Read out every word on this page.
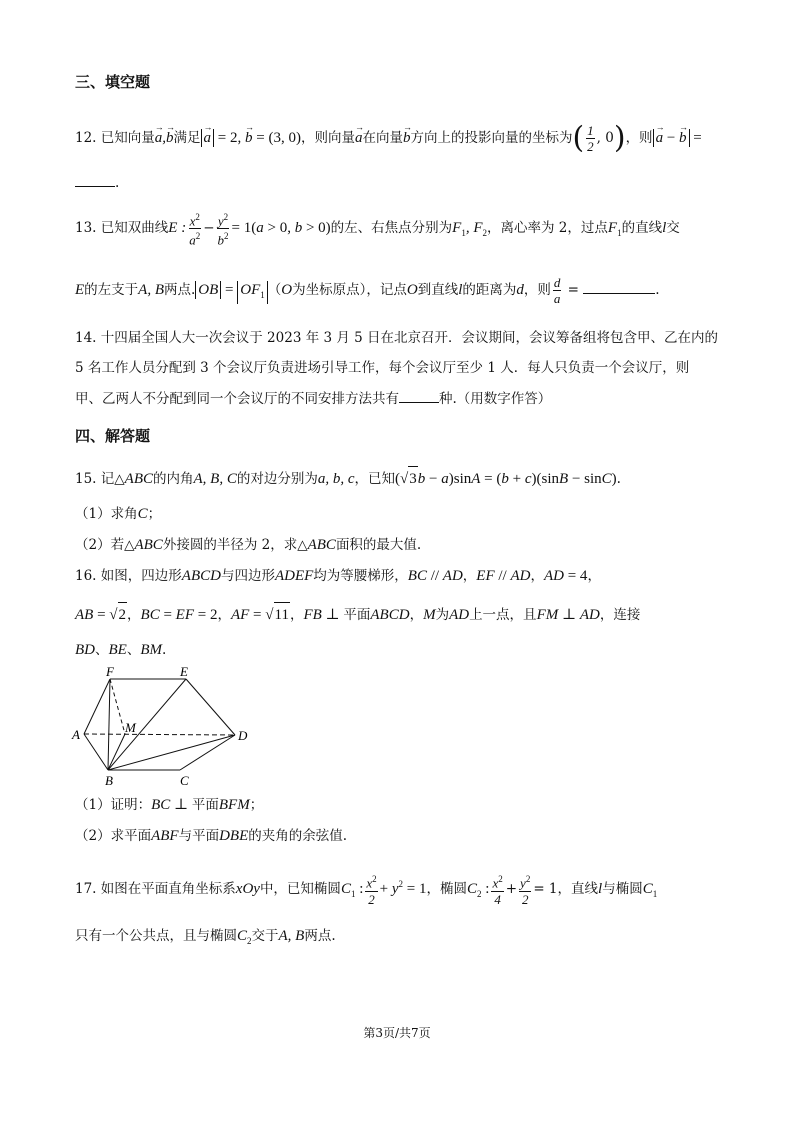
三、填空题
12. 已知向量a →,b →满足 a → = 2, b → = (3, 0)，则向量a →在向量b →方向上的投影向量的坐标为( $\frac{1}{2}$ , 0)，则 a → − b → =
.
13. 已知双曲线E : $\frac{x^2}{a^2} - \frac{y^2}{b^2} = 1(a > 0$, b > 0)的左、右焦点分别为$F_1$, $F_2$，离心率为 2，过点$F_1$的直线l交
E的左支于A, B两点. OB = $OF_1$ （O为坐标原点），记点O到直线l的距离为d，则 $\frac{d}{a}$ =	.
14. 十四届全国人大一次会议于 2023 年 3 月 5 日在北京召开．会议期间，会议筹备组将包含甲、乙在内的
5 名工作人员分配到 3 个会议厅负责进场引导工作，每个会议厅至少 1 人．每人只负责一个会议厅，则
甲、乙两人不分配到同一个会议厅的不同安排方法共有	种.（用数字作答）
四、解答题
15. 记△ABC的内角A, B, C的对边分别为a, b, c，已知(√3b − a)sinA = (b + c)(sinB − sinC).
（1）求角C；
（2）若△ABC外接圆的半径为 2，求△ABC面积的最大值.
16. 如图，四边形ABCD与四边形ADEF均为等腰梯形，BC // AD，EF // AD，AD = 4，
AB = √2，BC = EF = 2，AF = √11，FB ⊥ 平面ABCD，M为AD上一点，且FM ⊥ AD，连接
BD、BE、BM.
F	E
A	M
D
B	C
（1）证明：BC ⊥ 平面BFM；
（2）求平面ABF与平面DBE的夹角的余弦值.
17. 如图在平面直角坐标系xOy中，已知椭圆$C_1$ : $\frac{x^2}{2} + y^2 = 1$，椭圆$C_2$ : $\frac{x^2}{4} + \frac{y^2}{2} = 1$，直线l与椭圆$C_1$
只有一个公共点，且与椭圆$C_2$交于A, B两点.
第3页/共7页
